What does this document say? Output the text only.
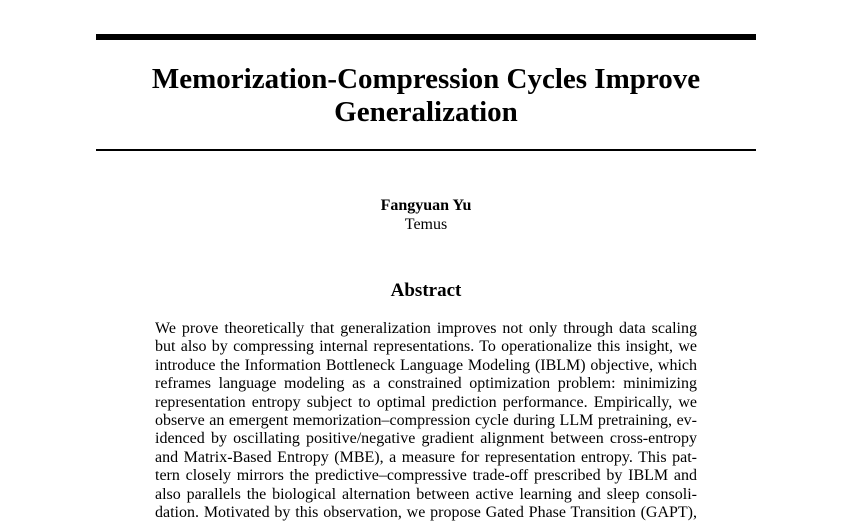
Memorization-Compression Cycles Improve
Generalization
Fangyuan Yu
Temus
Abstract
We prove theoretically that generalization improves not only through data scaling
but also by compressing internal representations. To operationalize this insight, we
introduce the Information Bottleneck Language Modeling (IBLM) objective, which
reframes language modeling as a constrained optimization problem: minimizing
representation entropy subject to optimal prediction performance. Empirically, we
observe an emergent memorization–compression cycle during LLM pretraining, ev-
idenced by oscillating positive/negative gradient alignment between cross-entropy
and Matrix-Based Entropy (MBE), a measure for representation entropy. This pat-
tern closely mirrors the predictive–compressive trade-off prescribed by IBLM and
also parallels the biological alternation between active learning and sleep consoli-
dation. Motivated by this observation, we propose Gated Phase Transition (GAPT),
